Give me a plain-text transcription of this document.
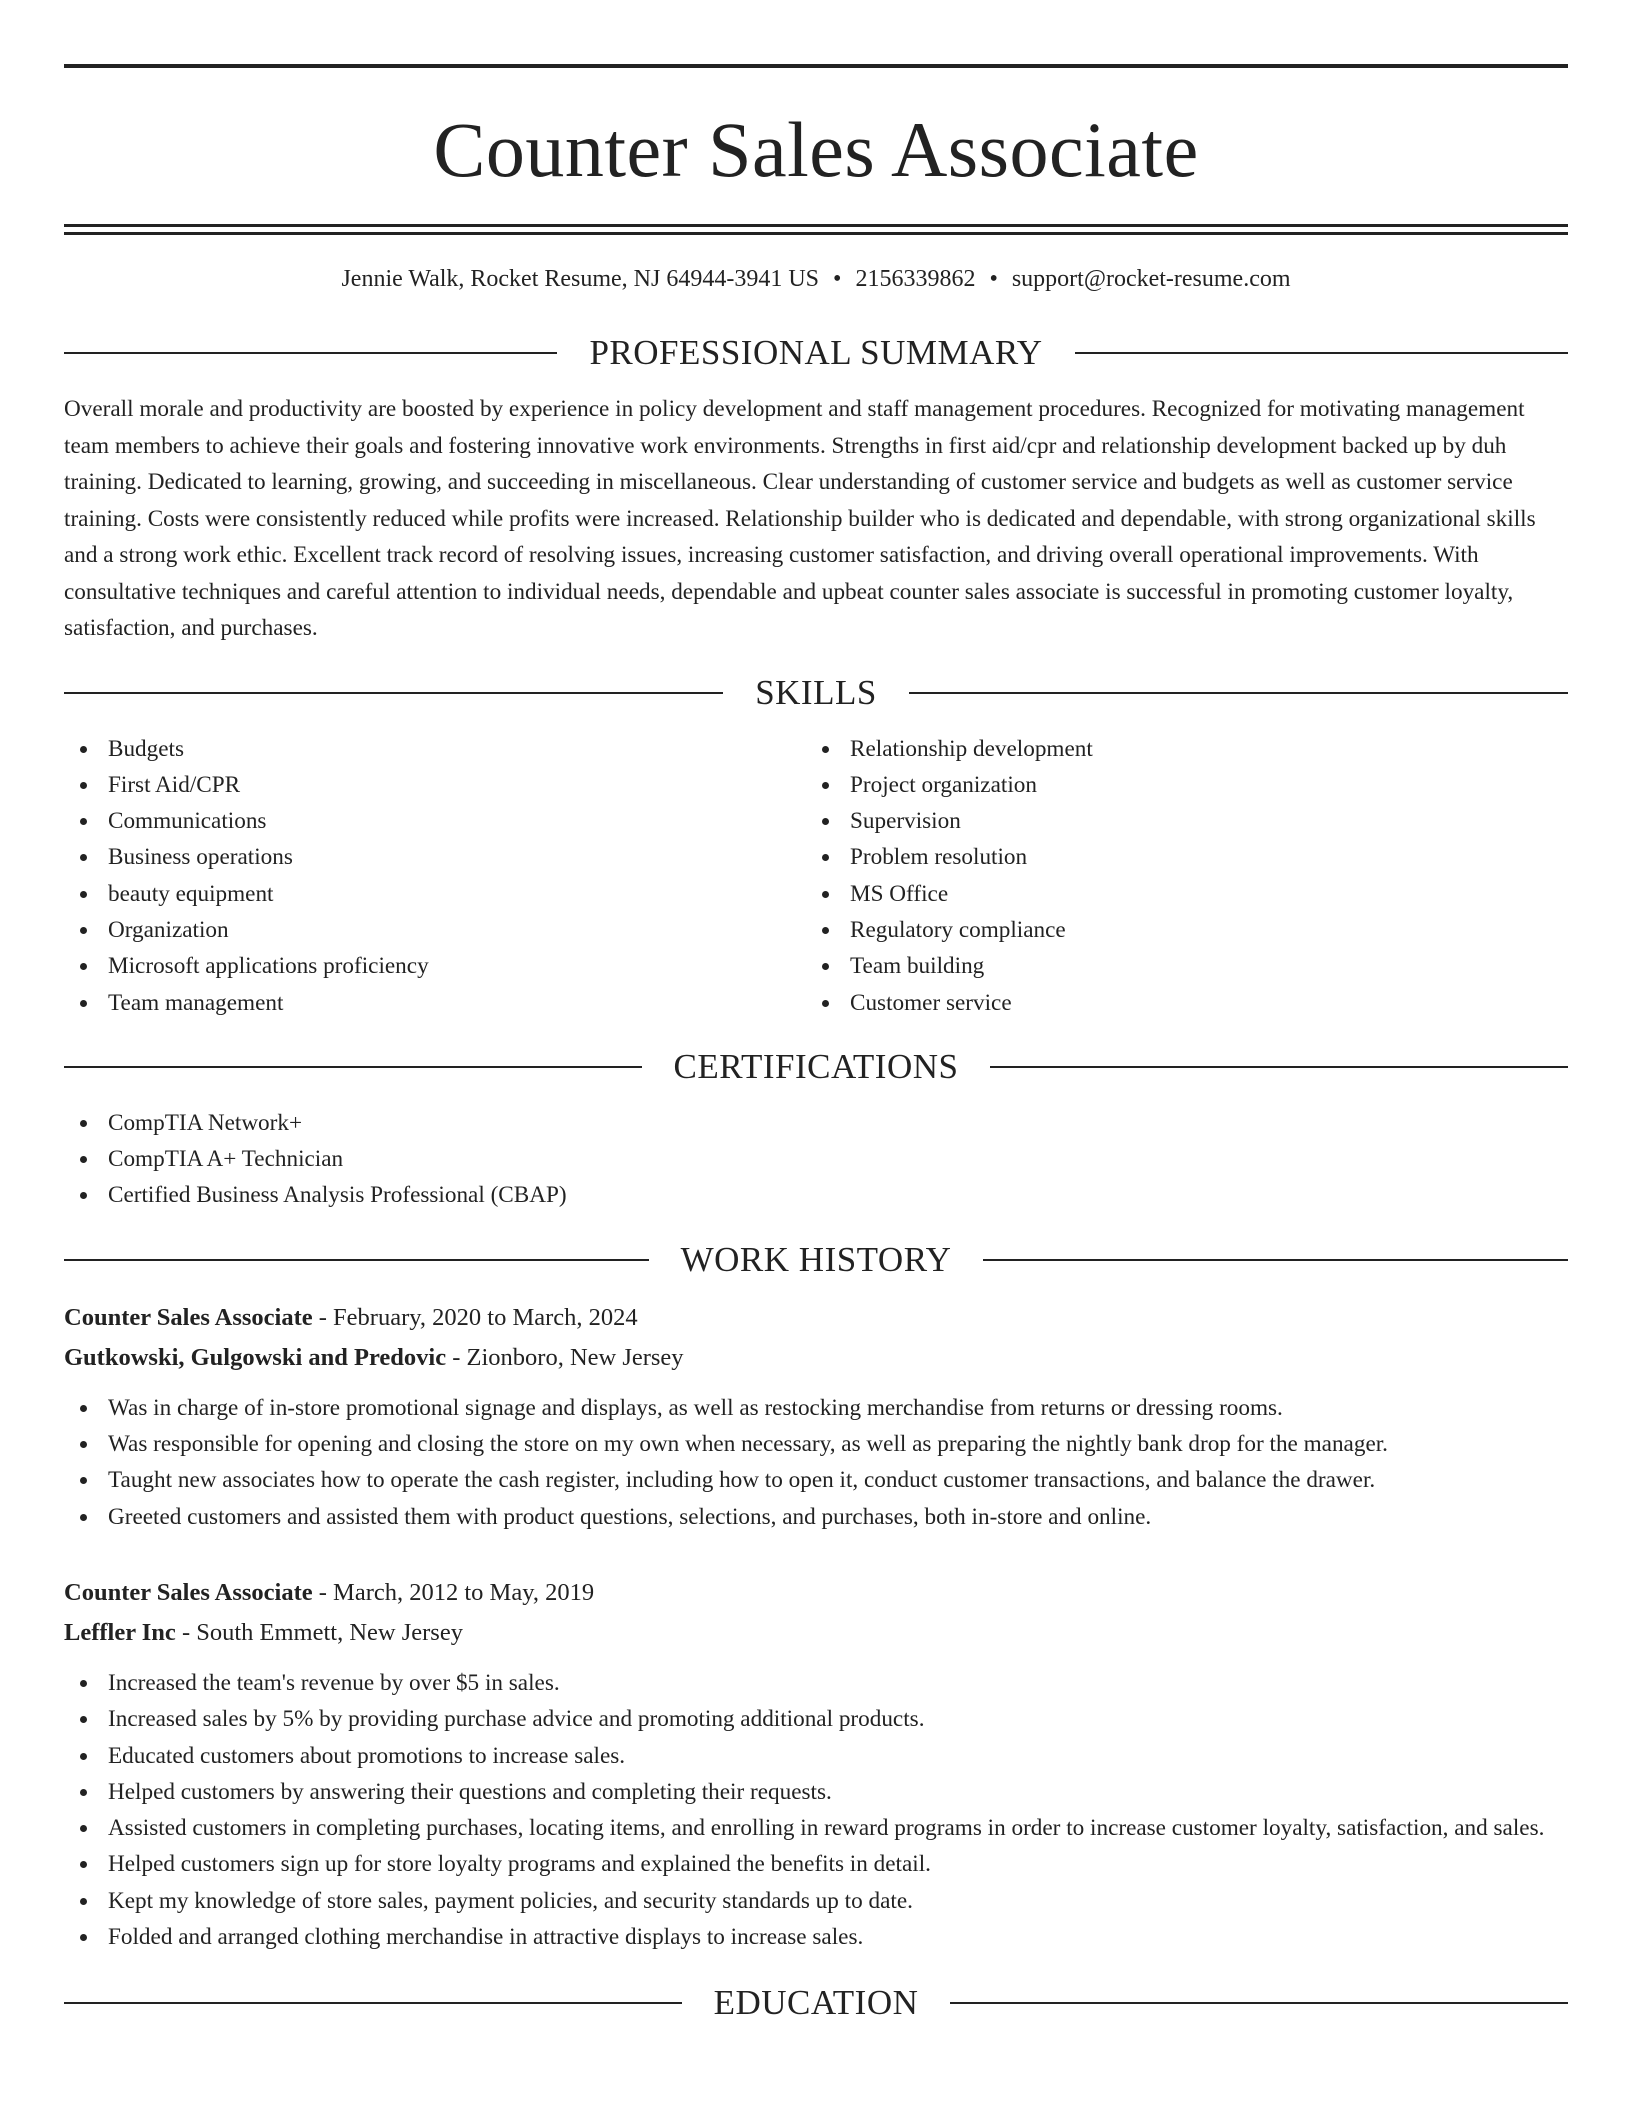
Counter Sales Associate
Jennie Walk, Rocket Resume, NJ 64944-3941 US • 2156339862 • support@rocket-resume.com
PROFESSIONAL SUMMARY

Overall morale and productivity are boosted by experience in policy development and staff management procedures. Recognized for motivating management team members to achieve their goals and fostering innovative work environments. Strengths in first aid/cpr and relationship development backed up by duh training. Dedicated to learning, growing, and succeeding in miscellaneous. Clear understanding of customer service and budgets as well as customer service training. Costs were consistently reduced while profits were increased. Relationship builder who is dedicated and dependable, with strong organizational skills and a strong work ethic. Excellent track record of resolving issues, increasing customer satisfaction, and driving overall operational improvements. With consultative techniques and careful attention to individual needs, dependable and upbeat counter sales associate is successful in promoting customer loyalty, satisfaction, and purchases.

SKILLS
Budgets
First Aid/CPR
Communications
Business operations
beauty equipment
Organization
Microsoft applications proficiency
Team management
Relationship development
Project organization
Supervision
Problem resolution
MS Office
Regulatory compliance
Team building
Customer service
CERTIFICATIONS
CompTIA Network+
CompTIA A+ Technician
Certified Business Analysis Professional (CBAP)
WORK HISTORY
Counter Sales Associate - February, 2020 to March, 2024
Gutkowski, Gulgowski and Predovic - Zionboro, New Jersey
Was in charge of in-store promotional signage and displays, as well as restocking merchandise from returns or dressing rooms.
Was responsible for opening and closing the store on my own when necessary, as well as preparing the nightly bank drop for the manager.
Taught new associates how to operate the cash register, including how to open it, conduct customer transactions, and balance the drawer.
Greeted customers and assisted them with product questions, selections, and purchases, both in-store and online.
Counter Sales Associate - March, 2012 to May, 2019
Leffler Inc - South Emmett, New Jersey
Increased the team's revenue by over $5 in sales.
Increased sales by 5% by providing purchase advice and promoting additional products.
Educated customers about promotions to increase sales.
Helped customers by answering their questions and completing their requests.
Assisted customers in completing purchases, locating items, and enrolling in reward programs in order to increase customer loyalty, satisfaction, and sales.
Helped customers sign up for store loyalty programs and explained the benefits in detail.
Kept my knowledge of store sales, payment policies, and security standards up to date.
Folded and arranged clothing merchandise in attractive displays to increase sales.
EDUCATION
